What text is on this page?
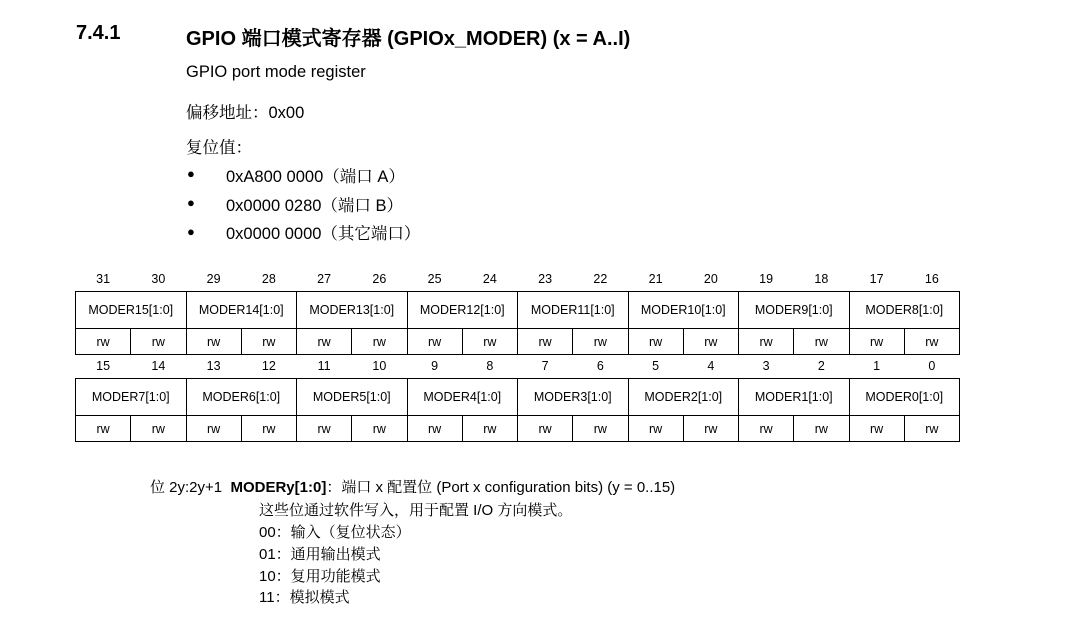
7.4.1	GPIO 端口模式寄存器 (GPIOx_MODER) (x = A..I)
GPIO port mode register
偏移地址：0x00
复位值：
● 0xA800 0000（端口 A）
● 0x0000 0280（端口 B）
● 0x0000 0000（其它端口）
31	30	29	28	27	26	25	24	23	22	21	20	19	18	17	16
MODER15[1:0]		MODER14[1:0]		MODER13[1:0]		MODER12[1:0]		MODER11[1:0]		MODER10[1:0]		MODER9[1:0]		MODER8[1:0]	
rw	rw	rw	rw	rw	rw	rw	rw	rw	rw	rw	rw	rw	rw	rw	rw
15	14	13	12	11	10	9	8	7	6	5	4	3	2	1	0
MODER7[1:0]		MODER6[1:0]		MODER5[1:0]		MODER4[1:0]		MODER3[1:0]		MODER2[1:0]		MODER1[1:0]		MODER0[1:0]	
rw	rw	rw	rw	rw	rw	rw	rw	rw	rw	rw	rw	rw	rw	rw	rw
位 2y:2y+1 MODERy[1:0]：端口 x 配置位 (Port x configuration bits) (y = 0..15)
这些位通过软件写入，用于配置 I/O 方向模式。
00：输入（复位状态）
01：通用输出模式
10：复用功能模式
11：模拟模式
